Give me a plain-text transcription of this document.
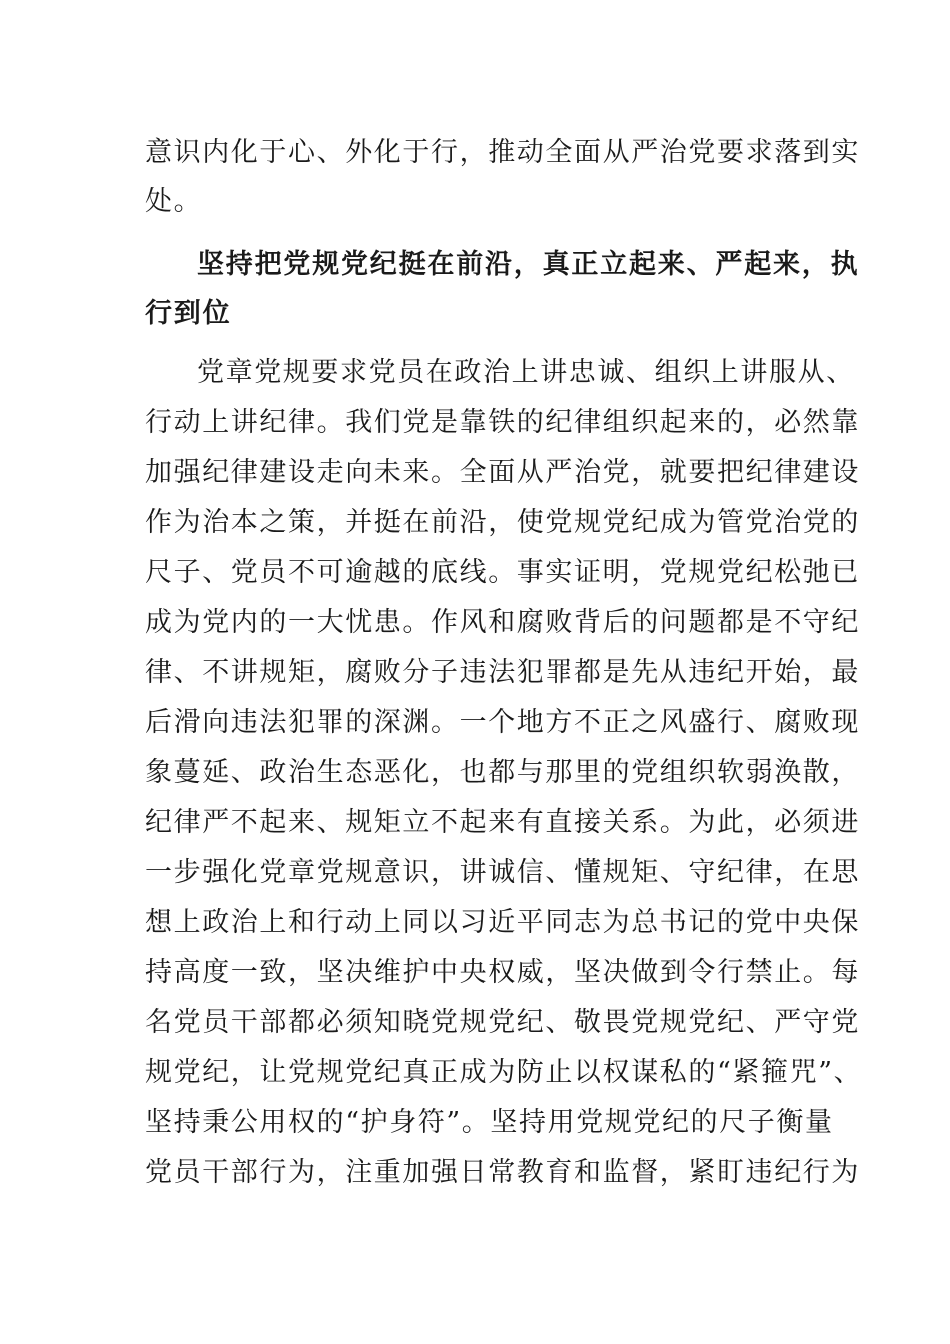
意识内化于心、外化于行，推动全面从严治党要求落到实
处。
坚持把党规党纪挺在前沿，真正立起来、严起来，执
行到位
党章党规要求党员在政治上讲忠诚、组织上讲服从、
行动上讲纪律。我们党是靠铁的纪律组织起来的，必然靠
加强纪律建设走向未来。全面从严治党，就要把纪律建设
作为治本之策，并挺在前沿，使党规党纪成为管党治党的
尺子、党员不可逾越的底线。事实证明，党规党纪松弛已
成为党内的一大忧患。作风和腐败背后的问题都是不守纪
律、不讲规矩，腐败分子违法犯罪都是先从违纪开始，最
后滑向违法犯罪的深渊。一个地方不正之风盛行、腐败现
象蔓延、政治生态恶化，也都与那里的党组织软弱涣散，
纪律严不起来、规矩立不起来有直接关系。为此，必须进
一步强化党章党规意识，讲诚信、懂规矩、守纪律，在思
想上政治上和行动上同以习近平同志为总书记的党中央保
持高度一致，坚决维护中央权威，坚决做到令行禁止。每
名党员干部都必须知晓党规党纪、敬畏党规党纪、严守党
规党纪，让党规党纪真正成为防止以权谋私的“紧箍咒”、
坚持秉公用权的“护身符”。坚持用党规党纪的尺子衡量
党员干部行为，注重加强日常教育和监督，紧盯违纪行为
